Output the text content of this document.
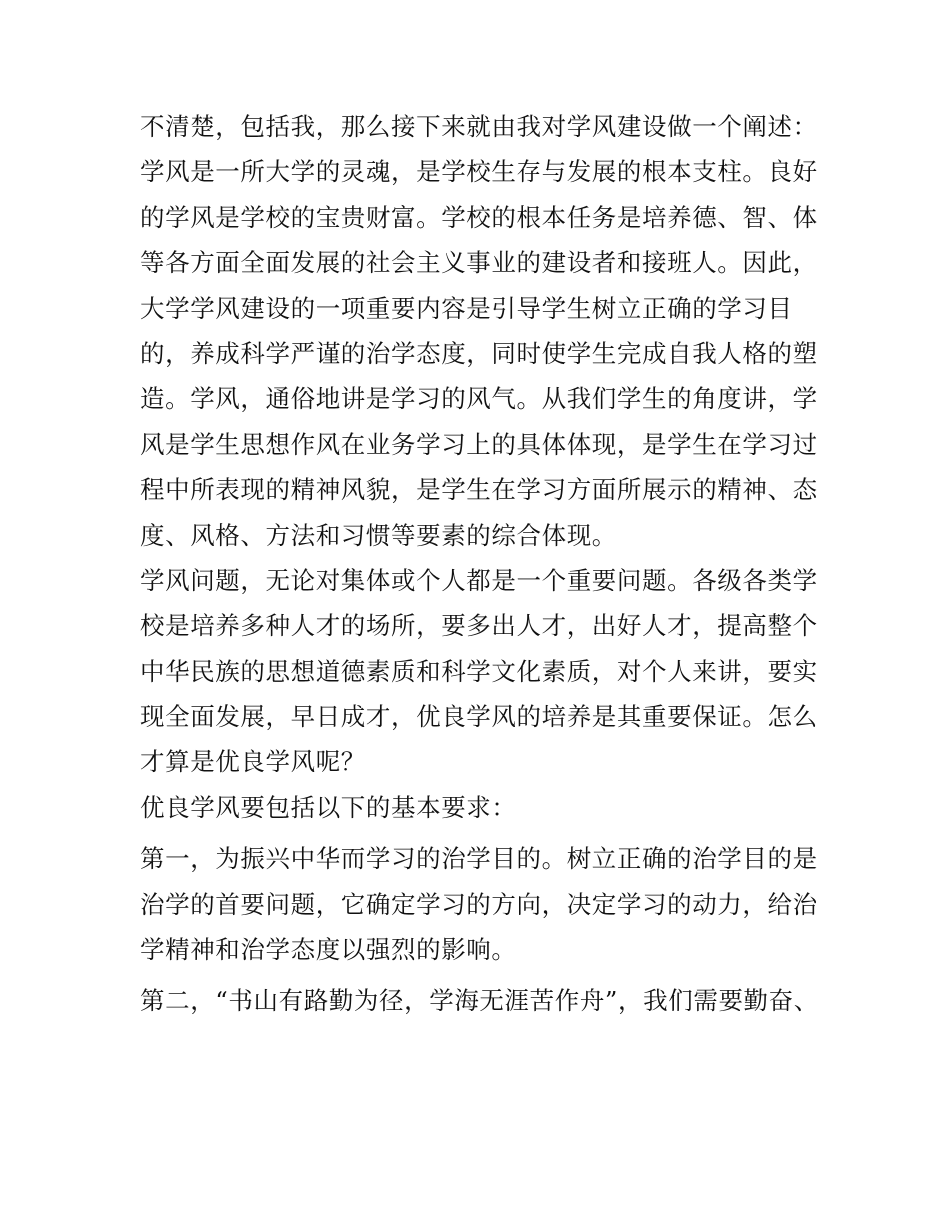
不清楚，包括我，那么接下来就由我对学风建设做一个阐述：
学风是一所大学的灵魂，是学校生存与发展的根本支柱。良好
的学风是学校的宝贵财富。学校的根本任务是培养德、智、体
等各方面全面发展的社会主义事业的建设者和接班人。因此，
大学学风建设的一项重要内容是引导学生树立正确的学习目
的，养成科学严谨的治学态度，同时使学生完成自我人格的塑
造。学风，通俗地讲是学习的风气。从我们学生的角度讲，学
风是学生思想作风在业务学习上的具体体现，是学生在学习过
程中所表现的精神风貌，是学生在学习方面所展示的精神、态
度、风格、方法和习惯等要素的综合体现。
学风问题，无论对集体或个人都是一个重要问题。各级各类学
校是培养多种人才的场所，要多出人才，出好人才，提高整个
中华民族的思想道德素质和科学文化素质，对个人来讲，要实
现全面发展，早日成才，优良学风的培养是其重要保证。怎么
才算是优良学风呢？
优良学风要包括以下的基本要求：
第一，为振兴中华而学习的治学目的。树立正确的治学目的是
治学的首要问题，它确定学习的方向，决定学习的动力，给治
学精神和治学态度以强烈的影响。
第二，“书山有路勤为径，学海无涯苦作舟”，我们需要勤奋、
